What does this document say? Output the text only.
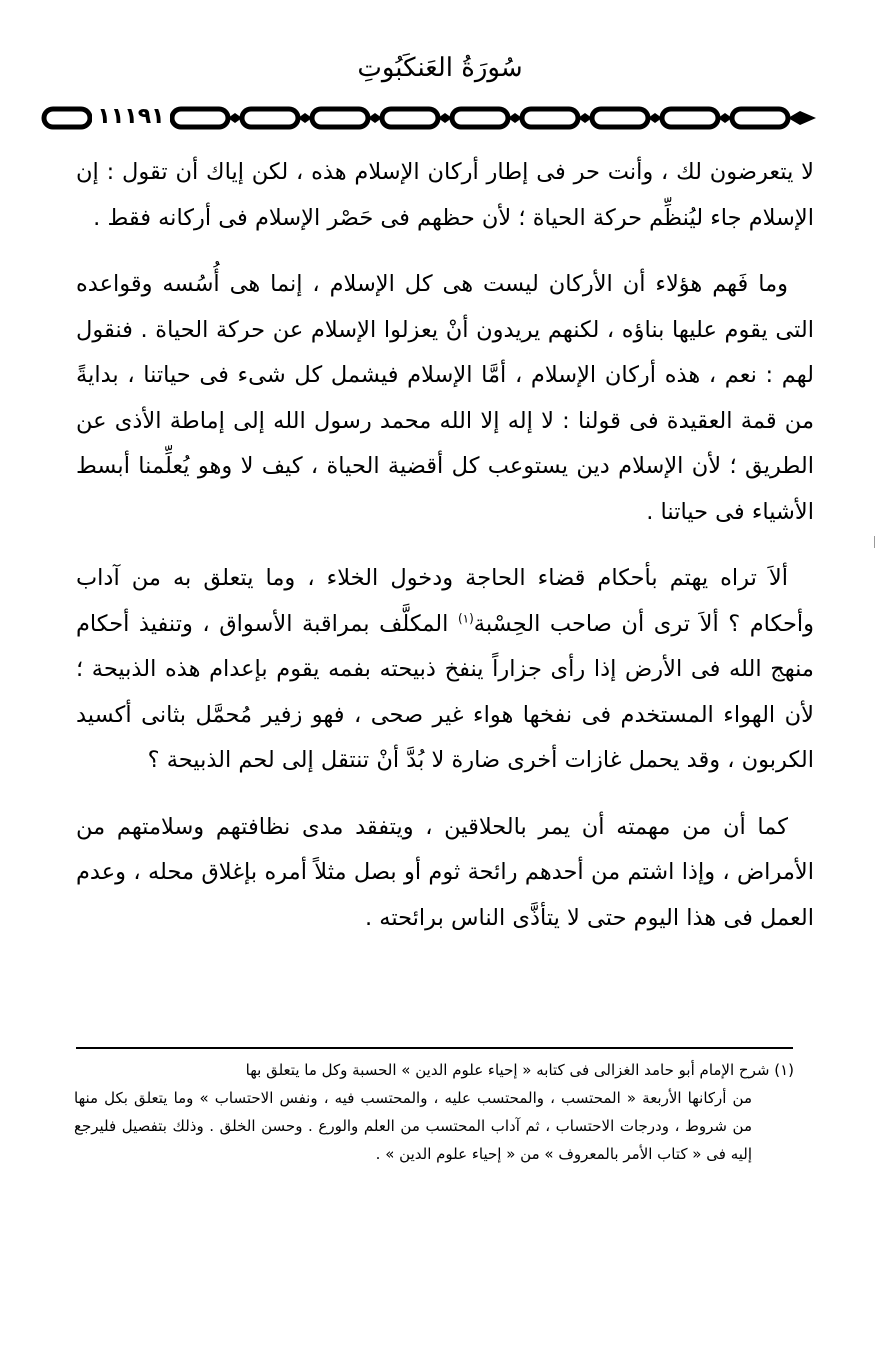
سُورَةُ العَنكَبُوتِ
١١١٩١

لا يتعرضون لك ، وأنت حر فى إطار أركان الإسلام هذه ، لكن إياك أن تقول : إن الإسلام جاء ليُنظِّم حركة الحياة ؛ لأن حظهم فى حَصْر الإسلام فى أركانه فقط .

وما فَهم هؤلاء أن الأركان ليست هى كل الإسلام ، إنما هى أُسُسه وقواعده التى يقوم عليها بناؤه ، لكنهم يريدون أنْ يعزلوا الإسلام عن حركة الحياة . فنقول لهم : نعم ، هذه أركان الإسلام ، أمَّا الإسلام فيشمل كل شىء فى حياتنا ، بدايةً من قمة العقيدة فى قولنا : لا إله إلا الله محمد رسول الله إلى إماطة الأذى عن الطريق ؛ لأن الإسلام دين يستوعب كل أقضية الحياة ، كيف لا وهو يُعلِّمنا أبسط الأشياء فى حياتنا .

ألاَ تراه يهتم بأحكام قضاء الحاجة ودخول الخلاء ، وما يتعلق به من آداب وأحكام ؟ ألاَ ترى أن صاحب الحِسْبة$^{(١)}$ المكلَّف بمراقبة الأسواق ، وتنفيذ أحكام منهج الله فى الأرض إذا رأى جزاراً ينفخ ذبيحته بفمه يقوم بإعدام هذه الذبيحة ؛ لأن الهواء المستخدم فى نفخها هواء غير صحى ، فهو زفير مُحمَّل بثانى أكسيد الكربون ، وقد يحمل غازات أخرى ضارة لا بُدَّ أنْ تنتقل إلى لحم الذبيحة ؟

كما أن من مهمته أن يمر بالحلاقين ، ويتفقد مدى نظافتهم وسلامتهم من الأمراض ، وإذا اشتم من أحدهم رائحة ثوم أو بصل مثلاً أمره بإغلاق محله ، وعدم العمل فى هذا اليوم حتى لا يتأذَّى الناس برائحته .

(١) شرح الإمام أبو حامد الغزالى فى كتابه « إحياء علوم الدين » الحسبة وكل ما يتعلق بها

من أركانها الأربعة « المحتسب ، والمحتسب عليه ، والمحتسب فيه ، ونفس الاحتساب » وما يتعلق بكل منها من شروط ، ودرجات الاحتساب ، ثم آداب المحتسب من العلم والورع . وحسن الخلق . وذلك بتفصيل فليرجع إليه فى « كتاب الأمر بالمعروف » من « إحياء علوم الدين » .
